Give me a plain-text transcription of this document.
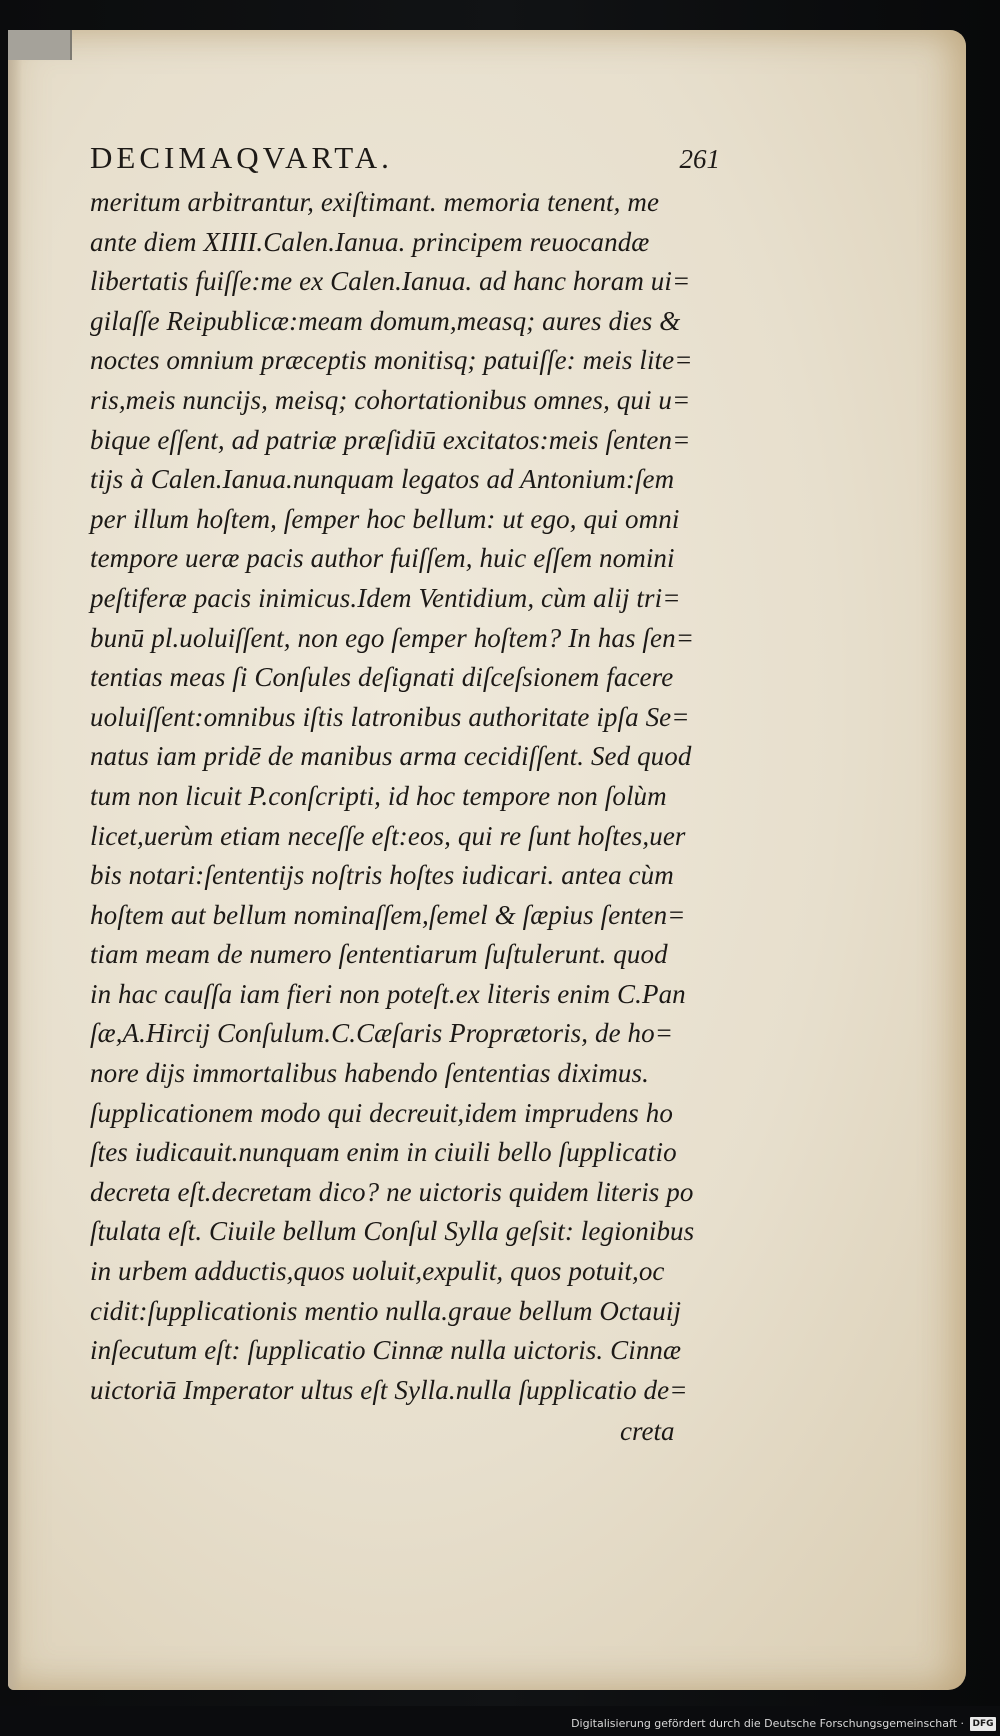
DECIMAQVARTA.	261
meritum arbitrantur, exiſtimant. memoria tenent, me
ante diem XIIII.Calen.Ianua. principem reuocandæ
libertatis fuiſſe:me ex Calen.Ianua. ad hanc horam ui=
gilaſſe Reipublicæ:meam domum,measq; aures dies &
noctes omnium præceptis monitisq; patuiſſe: meis lite=
ris,meis nuncijs, meisq; cohortationibus omnes, qui u=
bique eſſent, ad patriæ præſidiū excitatos:meis ſenten=
tijs à Calen.Ianua.nunquam legatos ad Antonium:ſem
per illum hoſtem, ſemper hoc bellum: ut ego, qui omni
tempore ueræ pacis author fuiſſem, huic eſſem nomini
peſtiferæ pacis inimicus.Idem Ventidium, cùm alij tri=
bunū pl.uoluiſſent, non ego ſemper hoſtem? In has ſen=
tentias meas ſi Conſules deſignati diſceſsionem facere
uoluiſſent:omnibus iſtis latronibus authoritate ipſa Se=
natus iam pridē de manibus arma cecidiſſent. Sed quod
tum non licuit P.conſcripti, id hoc tempore non ſolùm
licet,uerùm etiam neceſſe eſt:eos, qui re ſunt hoſtes,uer
bis notari:ſententijs noſtris hoſtes iudicari. antea cùm
hoſtem aut bellum nominaſſem,ſemel & ſæpius ſenten=
tiam meam de numero ſententiarum ſuſtulerunt. quod
in hac cauſſa iam fieri non poteſt.ex literis enim C.Pan
ſæ,A.Hircij Conſulum.C.Cæſaris Proprætoris, de ho=
nore dijs immortalibus habendo ſententias diximus.
ſupplicationem modo qui decreuit,idem imprudens ho
ſtes iudicauit.nunquam enim in ciuili bello ſupplicatio
decreta eſt.decretam dico? ne uictoris quidem literis po
ſtulata eſt. Ciuile bellum Conſul Sylla geſsit: legionibus
in urbem adductis,quos uoluit,expulit, quos potuit,oc
cidit:ſupplicationis mentio nulla.graue bellum Octauij
inſecutum eſt: ſupplicatio Cinnæ nulla uictoris. Cinnæ
uictoriā Imperator ultus eſt Sylla.nulla ſupplicatio de=
creta
Digitalisierung gefördert durch die Deutsche Forschungsgemeinschaft · DFG
